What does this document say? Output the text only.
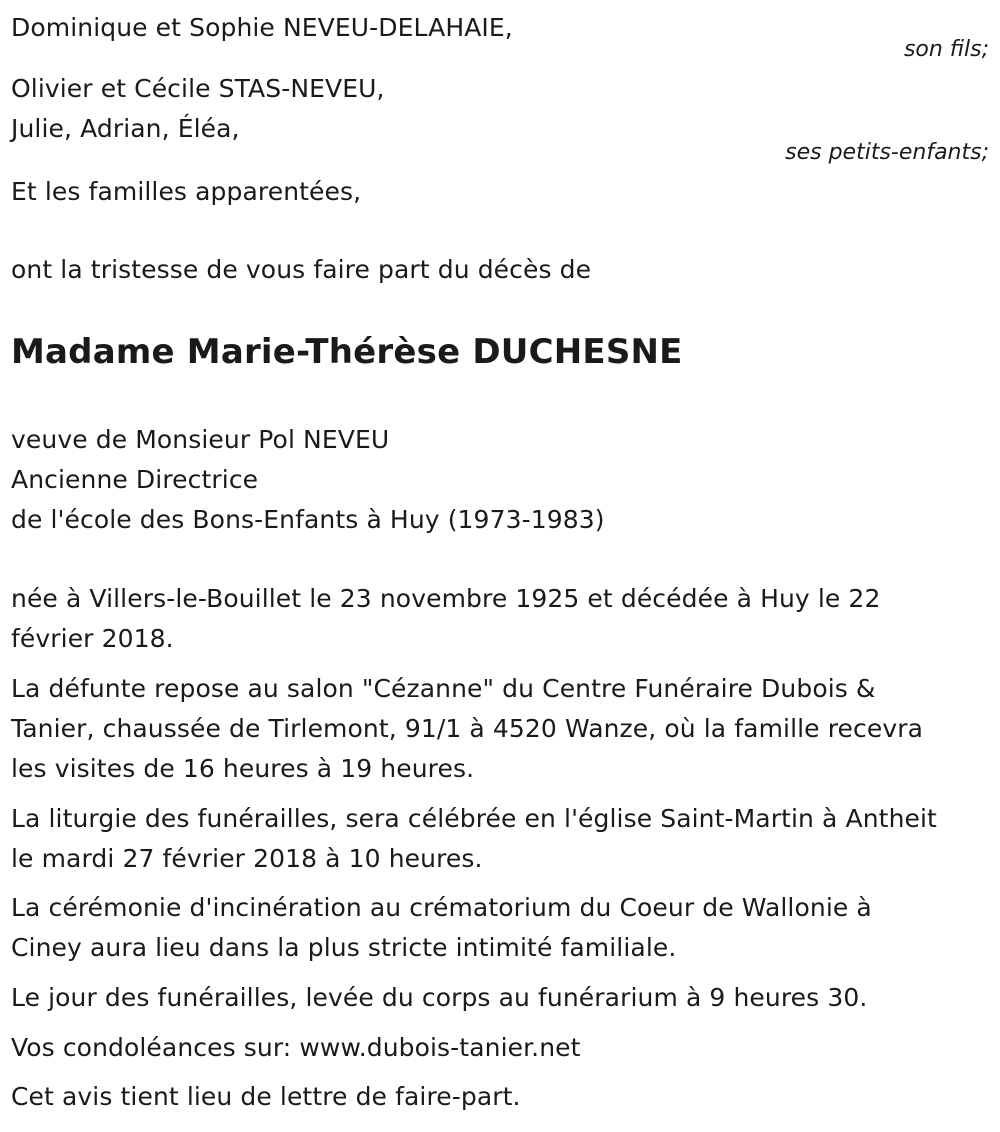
Dominique et Sophie NEVEU-DELAHAIE,
son fils;
Olivier et Cécile STAS-NEVEU,
Julie, Adrian, Éléa,
ses petits-enfants;
Et les familles apparentées,
ont la tristesse de vous faire part du décès de
Madame Marie-Thérèse DUCHESNE
veuve de Monsieur Pol NEVEU
Ancienne Directrice
de l'école des Bons-Enfants à Huy (1973-1983)
née à Villers-le-Bouillet le 23 novembre 1925 et décédée à Huy le 22
février 2018.
La défunte repose au salon "Cézanne" du Centre Funéraire Dubois &
Tanier, chaussée de Tirlemont, 91/1 à 4520 Wanze, où la famille recevra
les visites de 16 heures à 19 heures.
La liturgie des funérailles, sera célébrée en l'église Saint-Martin à Antheit
le mardi 27 février 2018 à 10 heures.
La cérémonie d'incinération au crématorium du Coeur de Wallonie à
Ciney aura lieu dans la plus stricte intimité familiale.
Le jour des funérailles, levée du corps au funérarium à 9 heures 30.
Vos condoléances sur: www.dubois-tanier.net
Cet avis tient lieu de lettre de faire-part.
